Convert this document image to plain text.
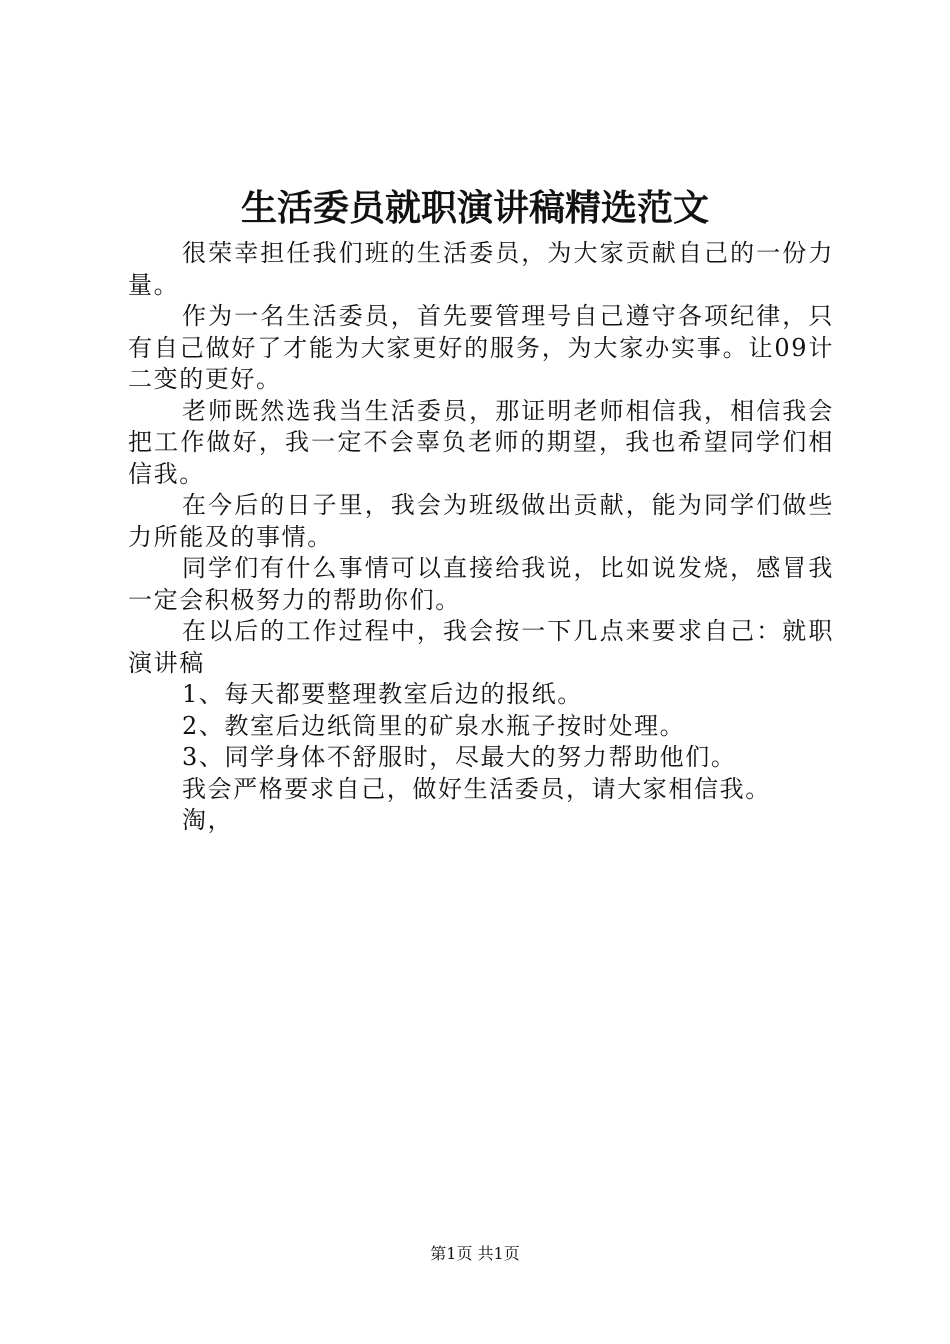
生活委员就职演讲稿精选范文

很荣幸担任我们班的生活委员，为大家贡献自己的一份力量。

作为一名生活委员，首先要管理号自己遵守各项纪律，只有自己做好了才能为大家更好的服务，为大家办实事。让09计二变的更好。

老师既然选我当生活委员，那证明老师相信我，相信我会把工作做好，我一定不会辜负老师的期望，我也希望同学们相信我。

在今后的日子里，我会为班级做出贡献，能为同学们做些力所能及的事情。

同学们有什么事情可以直接给我说，比如说发烧，感冒我一定会积极努力的帮助你们。

在以后的工作过程中，我会按一下几点来要求自己：就职演讲稿

1、每天都要整理教室后边的报纸。

2、教室后边纸筒里的矿泉水瓶子按时处理。

3、同学身体不舒服时，尽最大的努力帮助他们。

我会严格要求自己，做好生活委员，请大家相信我。

淘，

第1页 共1页
